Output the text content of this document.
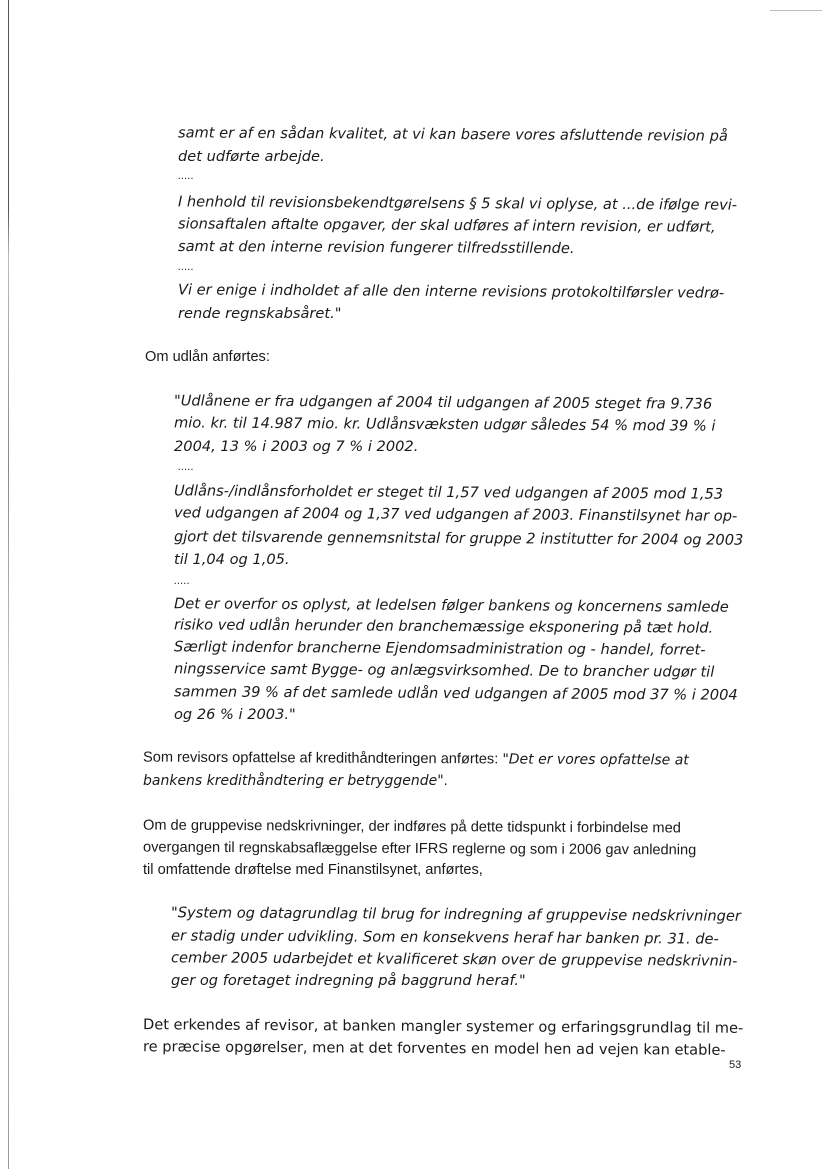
samt er af en sådan kvalitet, at vi kan basere vores afsluttende revision på

det udførte arbejde.

.....

I henhold til revisionsbekendtgørelsens § 5 skal vi oplyse, at ...de ifølge revi-

sionsaftalen aftalte opgaver, der skal udføres af intern revision, er udført,

samt at den interne revision fungerer tilfredsstillende.

.....

Vi er enige i indholdet af alle den interne revisions protokoltilførsler vedrø-

rende regnskabsåret."

Om udlån anførtes:

"Udlånene er fra udgangen af 2004 til udgangen af 2005 steget fra 9.736

mio. kr. til 14.987 mio. kr. Udlånsvæksten udgør således 54 % mod 39 % i

2004, 13 % i 2003 og 7 % i 2002.

.....

Udlåns-/indlånsforholdet er steget til 1,57 ved udgangen af 2005 mod 1,53

ved udgangen af 2004 og 1,37 ved udgangen af 2003. Finanstilsynet har op-

gjort det tilsvarende gennemsnitstal for gruppe 2 institutter for 2004 og 2003

til 1,04 og 1,05.

.....

Det er overfor os oplyst, at ledelsen følger bankens og koncernens samlede

risiko ved udlån herunder den branchemæssige eksponering på tæt hold.

Særligt indenfor brancherne Ejendomsadministration og - handel, forret-

ningsservice samt Bygge- og anlægsvirksomhed. De to brancher udgør til

sammen 39 % af det samlede udlån ved udgangen af 2005 mod 37 % i 2004

og 26 % i 2003."

Som revisors opfattelse af kredithåndteringen anførtes: "Det er vores opfattelse at

bankens kredithåndtering er betryggende".

Om de gruppevise nedskrivninger, der indføres på dette tidspunkt i forbindelse med

overgangen til regnskabsaflæggelse efter IFRS reglerne og som i 2006 gav anledning

til omfattende drøftelse med Finanstilsynet, anførtes,

"System og datagrundlag til brug for indregning af gruppevise nedskrivninger

er stadig under udvikling. Som en konsekvens heraf har banken pr. 31. de-

cember 2005 udarbejdet et kvalificeret skøn over de gruppevise nedskrivnin-

ger og foretaget indregning på baggrund heraf."

Det erkendes af revisor, at banken mangler systemer og erfaringsgrundlag til me-

re præcise opgørelser, men at det forventes en model hen ad vejen kan etable-

53
